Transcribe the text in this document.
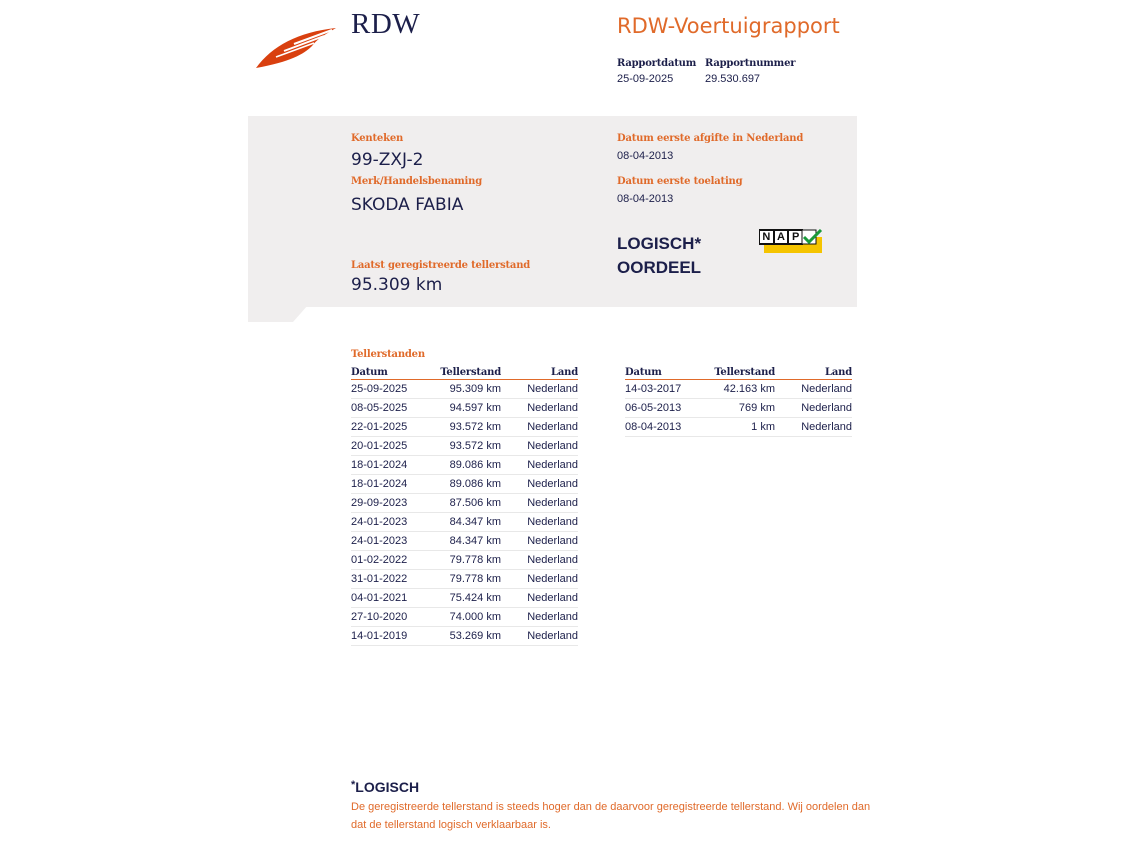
RDW	RDW-Voertuigrapport
Rapportdatum
25-09-2025
Rapportnummer
29.530.697
Kenteken
99-ZXJ-2
Merk/Handelsbenaming
SKODA FABIA
Laatst geregistreerde tellerstand
95.309 km
Datum eerste afgifte in Nederland
08-04-2013
Datum eerste toelating
08-04-2013
LOGISCH*
OORDEEL
N A P
Tellerstanden
Datum	Tellerstand	Land
25-09-2025	95.309 km	Nederland
08-05-2025	94.597 km	Nederland
22-01-2025	93.572 km	Nederland
20-01-2025	93.572 km	Nederland
18-01-2024	89.086 km	Nederland
18-01-2024	89.086 km	Nederland
29-09-2023	87.506 km	Nederland
24-01-2023	84.347 km	Nederland
24-01-2023	84.347 km	Nederland
01-02-2022	79.778 km	Nederland
31-01-2022	79.778 km	Nederland
04-01-2021	75.424 km	Nederland
27-10-2020	74.000 km	Nederland
14-01-2019	53.269 km	Nederland
Datum	Tellerstand	Land
14-03-2017	42.163 km	Nederland
06-05-2013	769 km	Nederland
08-04-2013	1 km	Nederland
*LOGISCH
De geregistreerde tellerstand is steeds hoger dan de daarvoor geregistreerde tellerstand. Wij oordelen dan dat de tellerstand logisch verklaarbaar is.
